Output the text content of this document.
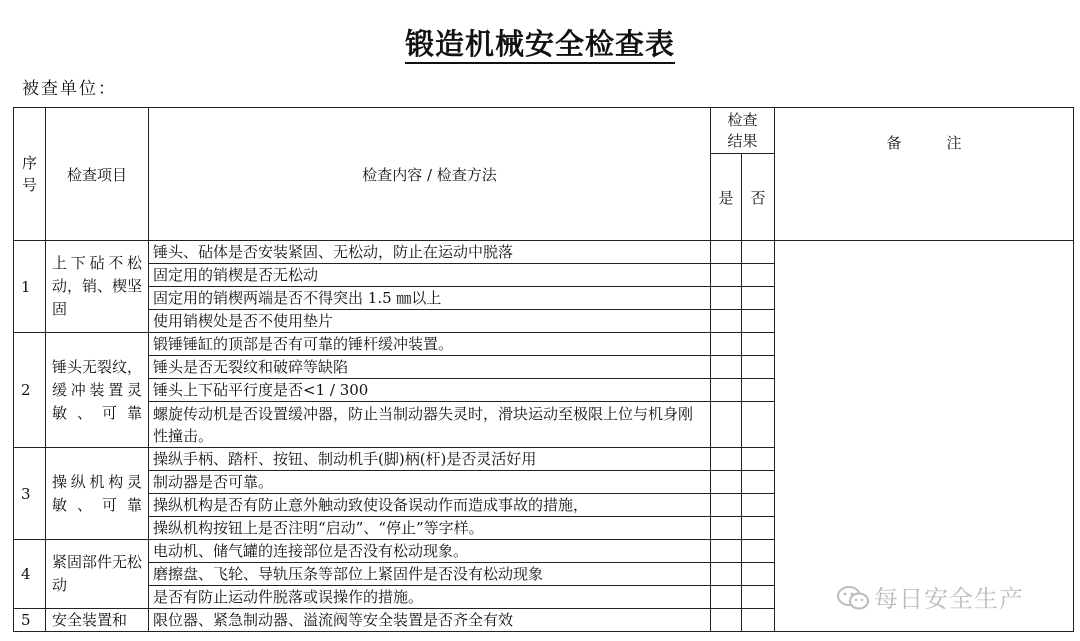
锻造机械安全检查表
被查单位：
序号	检查项目	检查内容 / 检查方法	检查结果		备　　　注
			是	否	
1	上下砧不松动，销、楔坚固	锤头、砧体是否安装紧固、无松动，防止在运动中脱落			
		固定用的销楔是否无松动			
		固定用的销楔两端是否不得突出 1.5 ㎜以上			
		使用销楔处是否不使用垫片			
2	锤头无裂纹，缓冲装置灵敏、可靠	锻锤锤缸的顶部是否有可靠的锤杆缓冲装置。			
		锤头是否无裂纹和破碎等缺陷			
		锤头上下砧平行度是否<1 / 300			
		螺旋传动机是否设置缓冲器，防止当制动器失灵时，滑块运动至极限上位与机身刚性撞击。			
3	操纵机构灵敏、可靠	操纵手柄、踏杆、按钮、制动机手(脚)柄(杆)是否灵活好用			
		制动器是否可靠。			
		操纵机构是否有防止意外触动致使设备误动作而造成事故的措施，			
		操纵机构按钮上是否注明“启动”、“停止”等字样。			
4	紧固部件无松动	电动机、储气罐的连接部位是否没有松动现象。			
		磨擦盘、飞轮、导轨压条等部位上紧固件是否没有松动现象			
		是否有防止运动件脱落或误操作的措施。			
5	安全装置和	限位器、紧急制动器、溢流阀等安全装置是否齐全有效			
每日安全生产
